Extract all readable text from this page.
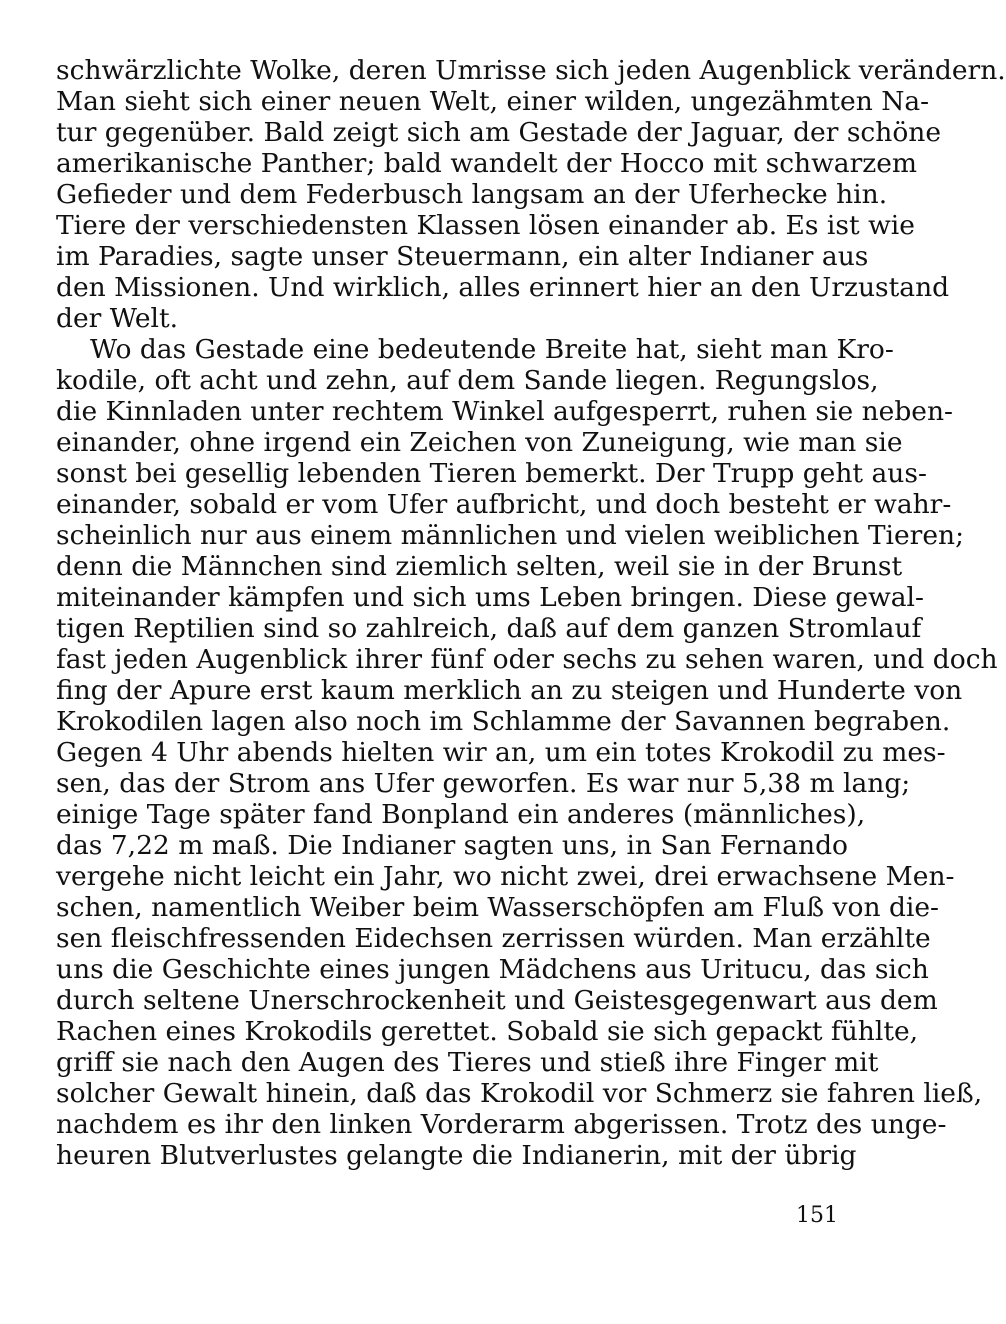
schwärzlichte Wolke, deren Umrisse sich jeden Augenblick verändern.
Man sieht sich einer neuen Welt, einer wilden, ungezähmten Na-
tur gegenüber. Bald zeigt sich am Gestade der Jaguar, der schöne
amerikanische Panther; bald wandelt der Hocco mit schwarzem
Gefieder und dem Federbusch langsam an der Uferhecke hin.
Tiere der verschiedensten Klassen lösen einander ab. Es ist wie
im Paradies, sagte unser Steuermann, ein alter Indianer aus
den Missionen. Und wirklich, alles erinnert hier an den Urzustand
der Welt.
Wo das Gestade eine bedeutende Breite hat, sieht man Kro-
kodile, oft acht und zehn, auf dem Sande liegen. Regungslos,
die Kinnladen unter rechtem Winkel aufgesperrt, ruhen sie neben-
einander, ohne irgend ein Zeichen von Zuneigung, wie man sie
sonst bei gesellig lebenden Tieren bemerkt. Der Trupp geht aus-
einander, sobald er vom Ufer aufbricht, und doch besteht er wahr-
scheinlich nur aus einem männlichen und vielen weiblichen Tieren;
denn die Männchen sind ziemlich selten, weil sie in der Brunst
miteinander kämpfen und sich ums Leben bringen. Diese gewal-
tigen Reptilien sind so zahlreich, daß auf dem ganzen Stromlauf
fast jeden Augenblick ihrer fünf oder sechs zu sehen waren, und doch
fing der Apure erst kaum merklich an zu steigen und Hunderte von
Krokodilen lagen also noch im Schlamme der Savannen begraben.
Gegen 4 Uhr abends hielten wir an, um ein totes Krokodil zu mes-
sen, das der Strom ans Ufer geworfen. Es war nur 5,38 m lang;
einige Tage später fand Bonpland ein anderes (männliches),
das 7,22 m maß. Die Indianer sagten uns, in San Fernando
vergehe nicht leicht ein Jahr, wo nicht zwei, drei erwachsene Men-
schen, namentlich Weiber beim Wasserschöpfen am Fluß von die-
sen fleischfressenden Eidechsen zerrissen würden. Man erzählte
uns die Geschichte eines jungen Mädchens aus Uritucu, das sich
durch seltene Unerschrockenheit und Geistesgegenwart aus dem
Rachen eines Krokodils gerettet. Sobald sie sich gepackt fühlte,
griff sie nach den Augen des Tieres und stieß ihre Finger mit
solcher Gewalt hinein, daß das Krokodil vor Schmerz sie fahren ließ,
nachdem es ihr den linken Vorderarm abgerissen. Trotz des unge-
heuren Blutverlustes gelangte die Indianerin, mit der übrig
151
